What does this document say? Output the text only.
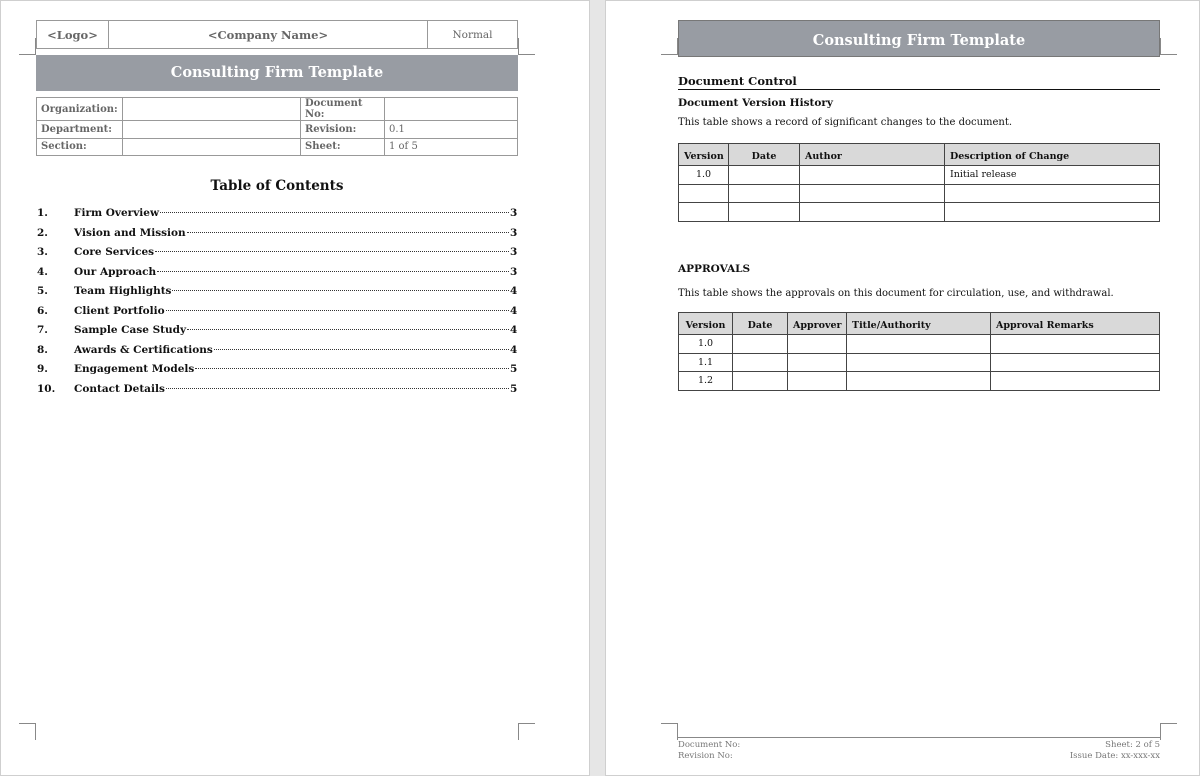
<Logo>	<Company Name>	Normal
Consulting Firm Template
Organization:		Document No:	
Department:		Revision:	0.1
Section:		Sheet:	1 of 5
Table of Contents
1.	Firm Overview	3
2.	Vision and Mission	3
3.	Core Services	3
4.	Our Approach	3
5.	Team Highlights	4
6.	Client Portfolio	4
7.	Sample Case Study	4
8.	Awards & Certifications	4
9.	Engagement Models	5
10.	Contact Details	5
Consulting Firm Template
Document Control
Document Version History
This table shows a record of significant changes to the document.
Version	Date	Author	Description of Change
1.0			Initial release

APPROVALS
This table shows the approvals on this document for circulation, use, and withdrawal.
Version	Date	Approver	Title/Authority	Approval Remarks
1.0				
1.1				
1.2				
Document No:	Sheet: 2 of 5
Revision No:	Issue Date: xx-xxx-xx
